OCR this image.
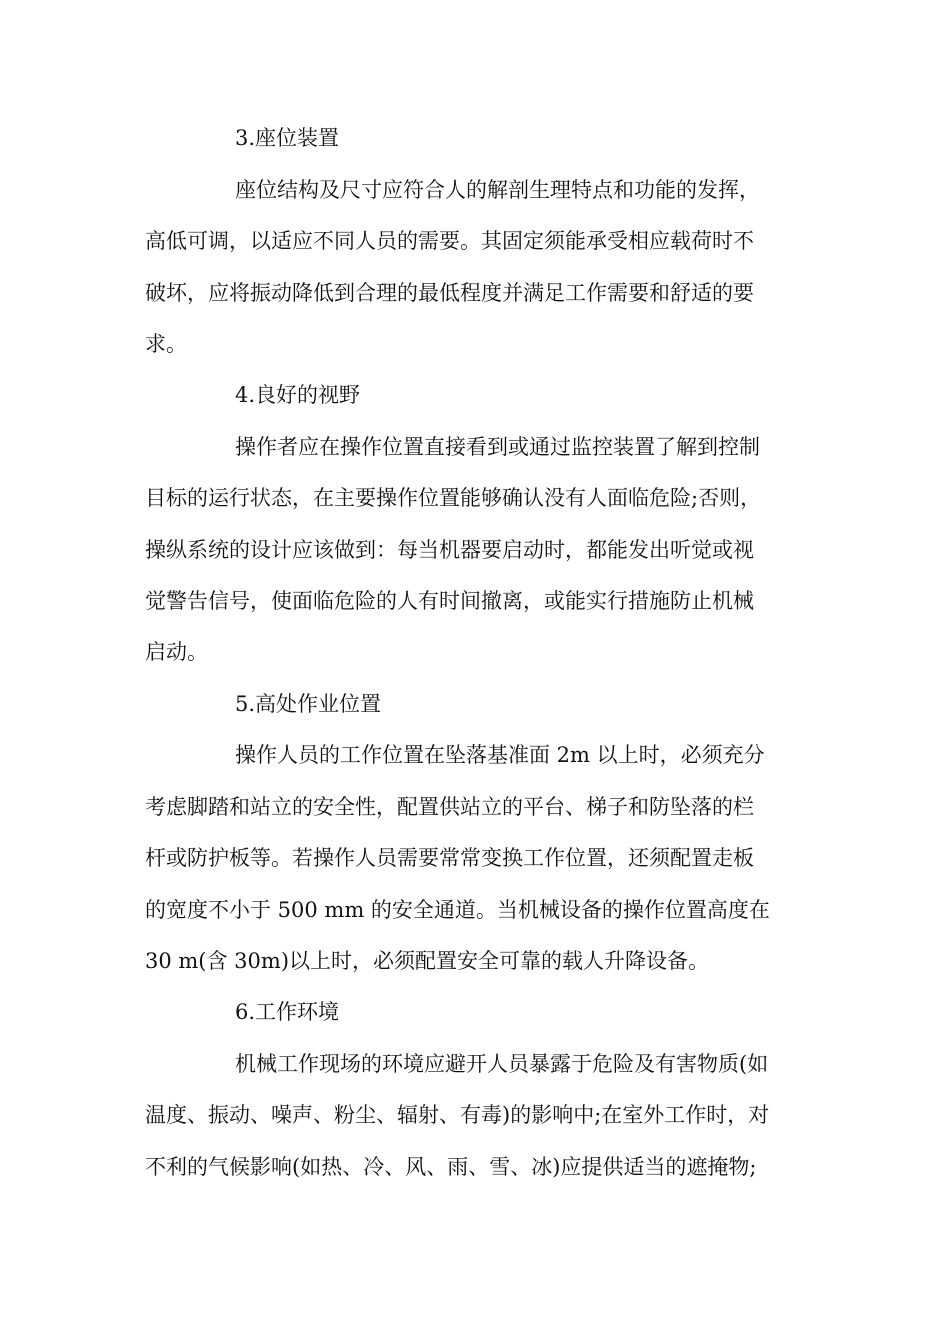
3.座位装置
座位结构及尺寸应符合人的解剖生理特点和功能的发挥，
高低可调，以适应不同人员的需要。其固定须能承受相应载荷时不
破坏，应将振动降低到合理的最低程度并满足工作需要和舒适的要
求。
4.良好的视野
操作者应在操作位置直接看到或通过监控装置了解到控制
目标的运行状态，在主要操作位置能够确认没有人面临危险;否则，
操纵系统的设计应该做到：每当机器要启动时，都能发出听觉或视
觉警告信号，使面临危险的人有时间撤离，或能实行措施防止机械
启动。
5.高处作业位置
操作人员的工作位置在坠落基准面 2m 以上时，必须充分
考虑脚踏和站立的安全性，配置供站立的平台、梯子和防坠落的栏
杆或防护板等。若操作人员需要常常变换工作位置，还须配置走板
的宽度不小于 500 mm 的安全通道。当机械设备的操作位置高度在
30 m(含 30m)以上时，必须配置安全可靠的载人升降设备。
6.工作环境
机械工作现场的环境应避开人员暴露于危险及有害物质(如
温度、振动、噪声、粉尘、辐射、有毒)的影响中;在室外工作时，对
不利的气候影响(如热、冷、风、雨、雪、冰)应提供适当的遮掩物;
